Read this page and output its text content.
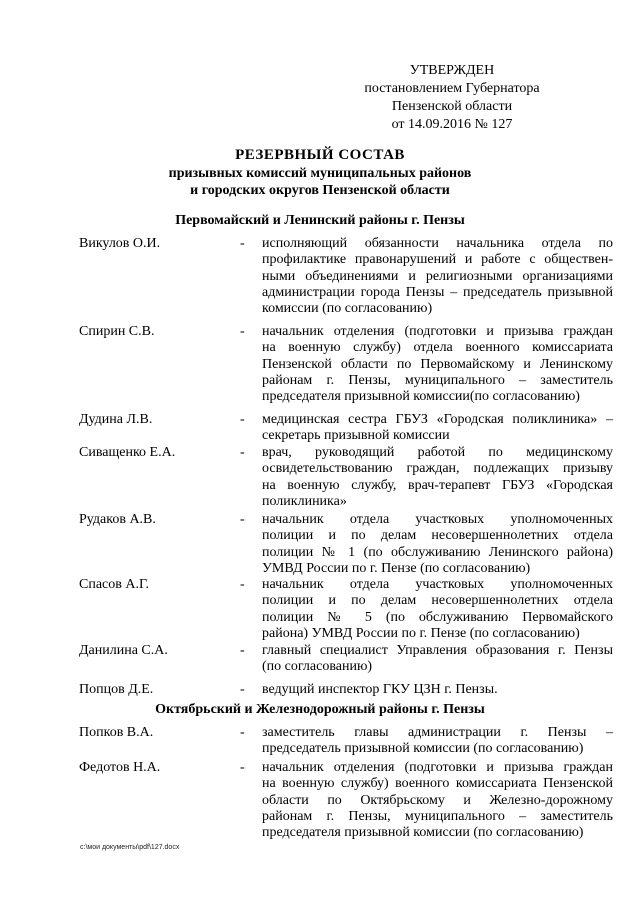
УТВЕРЖДЕН
постановлением Губернатора
Пензенской области
от 14.09.2016 № 127
РЕЗЕРВНЫЙ СОСТАВ
призывных комиссий муниципальных районов
и городских округов Пензенской области
Викулов О.И.	- исполняющий обязанности начальника отдела по
профилактике правонарушений и работе с обществен-
ными объединениями и религиозными организациями
администрации города Пензы – председатель призывной
комиссии (по согласованию)
Спирин С.В.	- начальник отделения (подготовки и призыва граждан
на военную службу) отдела военного комиссариата
Пензенской области по Первомайскому и Ленинскому
районам г. Пензы, муниципального – заместитель
председателя призывной комиссии(по согласованию)
Дудина Л.В.	- медицинская сестра ГБУЗ «Городская поликлиника» –
секретарь призывной комиссии
Сиващенко Е.А.	- врач, руководящий работой по медицинскому
освидетельствованию граждан, подлежащих призыву
на военную службу, врач-терапевт ГБУЗ «Городская
поликлиника»
Рудаков А.В.	- начальник отдела участковых уполномоченных
полиции и по делам несовершеннолетних отдела
полиции № 1 (по обслуживанию Ленинского района)
УМВД России по г. Пензе (по согласованию)
Спасов А.Г.	- начальник отдела участковых уполномоченных
полиции и по делам несовершеннолетних отдела
полиции № 5 (по обслуживанию Первомайского
района) УМВД России по г. Пензе (по согласованию)
Данилина С.А.	- главный специалист Управления образования г. Пензы
(по согласованию)
Попцов Д.Е.	- ведущий инспектор ГКУ ЦЗН г. Пензы.
Попков В.А.	- заместитель главы администрации г. Пензы –
председатель призывной комиссии (по согласованию)
Федотов Н.А.	- начальник отделения (подготовки и призыва граждан
на военную службу) военного комиссариата Пензенской
области по Октябрьскому и Железно-дорожному
районам г. Пензы, муниципального – заместитель
председателя призывной комиссии (по согласованию)
c:\мои документы\pdf\127.docx
Первомайский и Ленинский районы г. Пензы
Октябрьский и Железнодорожный районы г. Пензы
